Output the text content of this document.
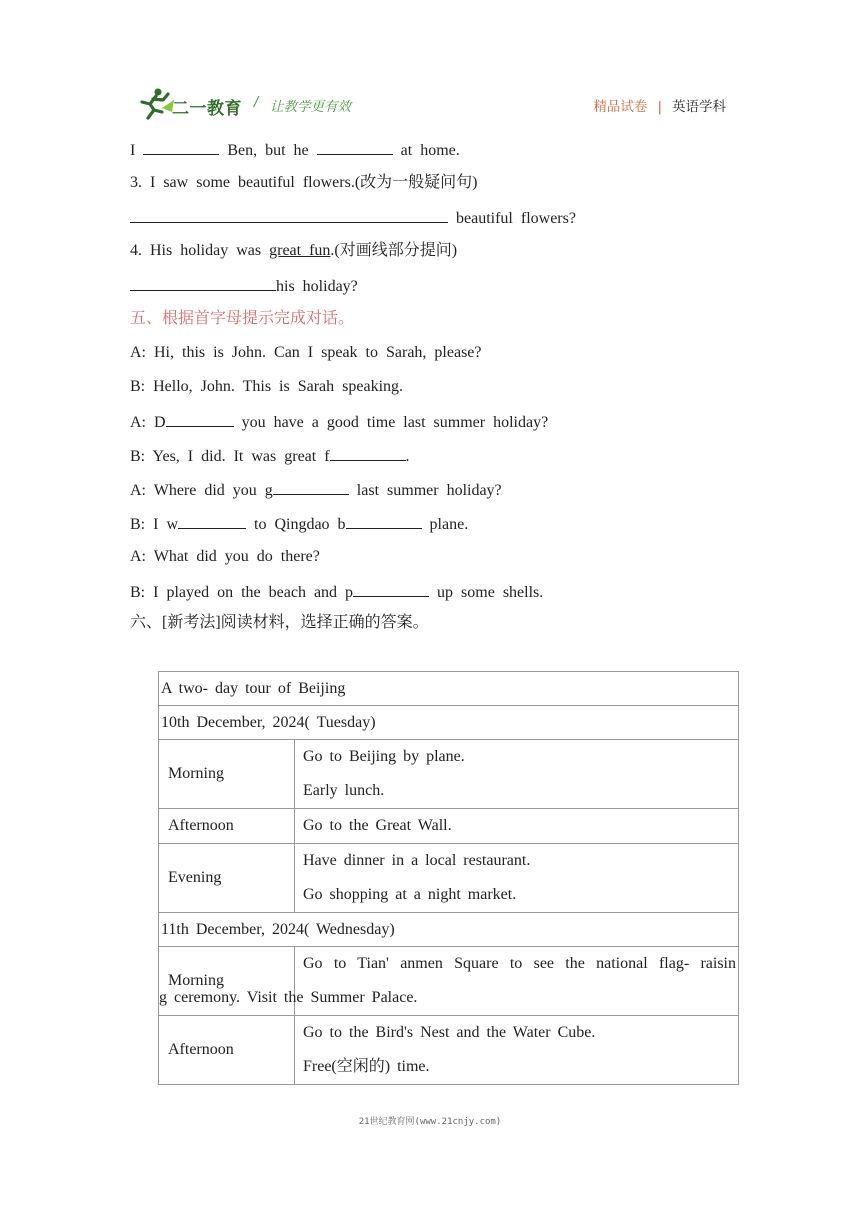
二一教育 / 让教学更有效	精品试卷 | 英语学科
I	Ben, but he	at home.
3. I saw some beautiful flowers.(改为一般疑问句)
beautiful flowers?
4. His holiday was great fun.(对画线部分提问)
his holiday?
五、根据首字母提示完成对话。
A: Hi, this is John. Can I speak to Sarah, please?
B: Hello, John. This is Sarah speaking.
A: D	you have a good time last summer holiday?
B: Yes, I did. It was great f	.
A: Where did you g	last summer holiday?
B: I w	to Qingdao b	plane.
A: What did you do there?
B: I played on the beach and p	up some shells.
六、[新考法]阅读材料，选择正确的答案。
A two- day tour of Beijing	
10th December, 2024( Tuesday)	
Morning	Go to Beijing by plane.
Early lunch.

Afternoon	Go to the Great Wall.

Evening	Have dinner in a local restaurant.
Go shopping at a night market.

11th December, 2024( Wednesday)	
Morning	Go to Tian' anmen Square to see the national flag- raisin
g ceremony. Visit the Summer Palace.

Afternoon	Go to the Bird's Nest and the Water Cube.
Free(空闲的) time.
21世纪教育网(www.21cnjy.com)
